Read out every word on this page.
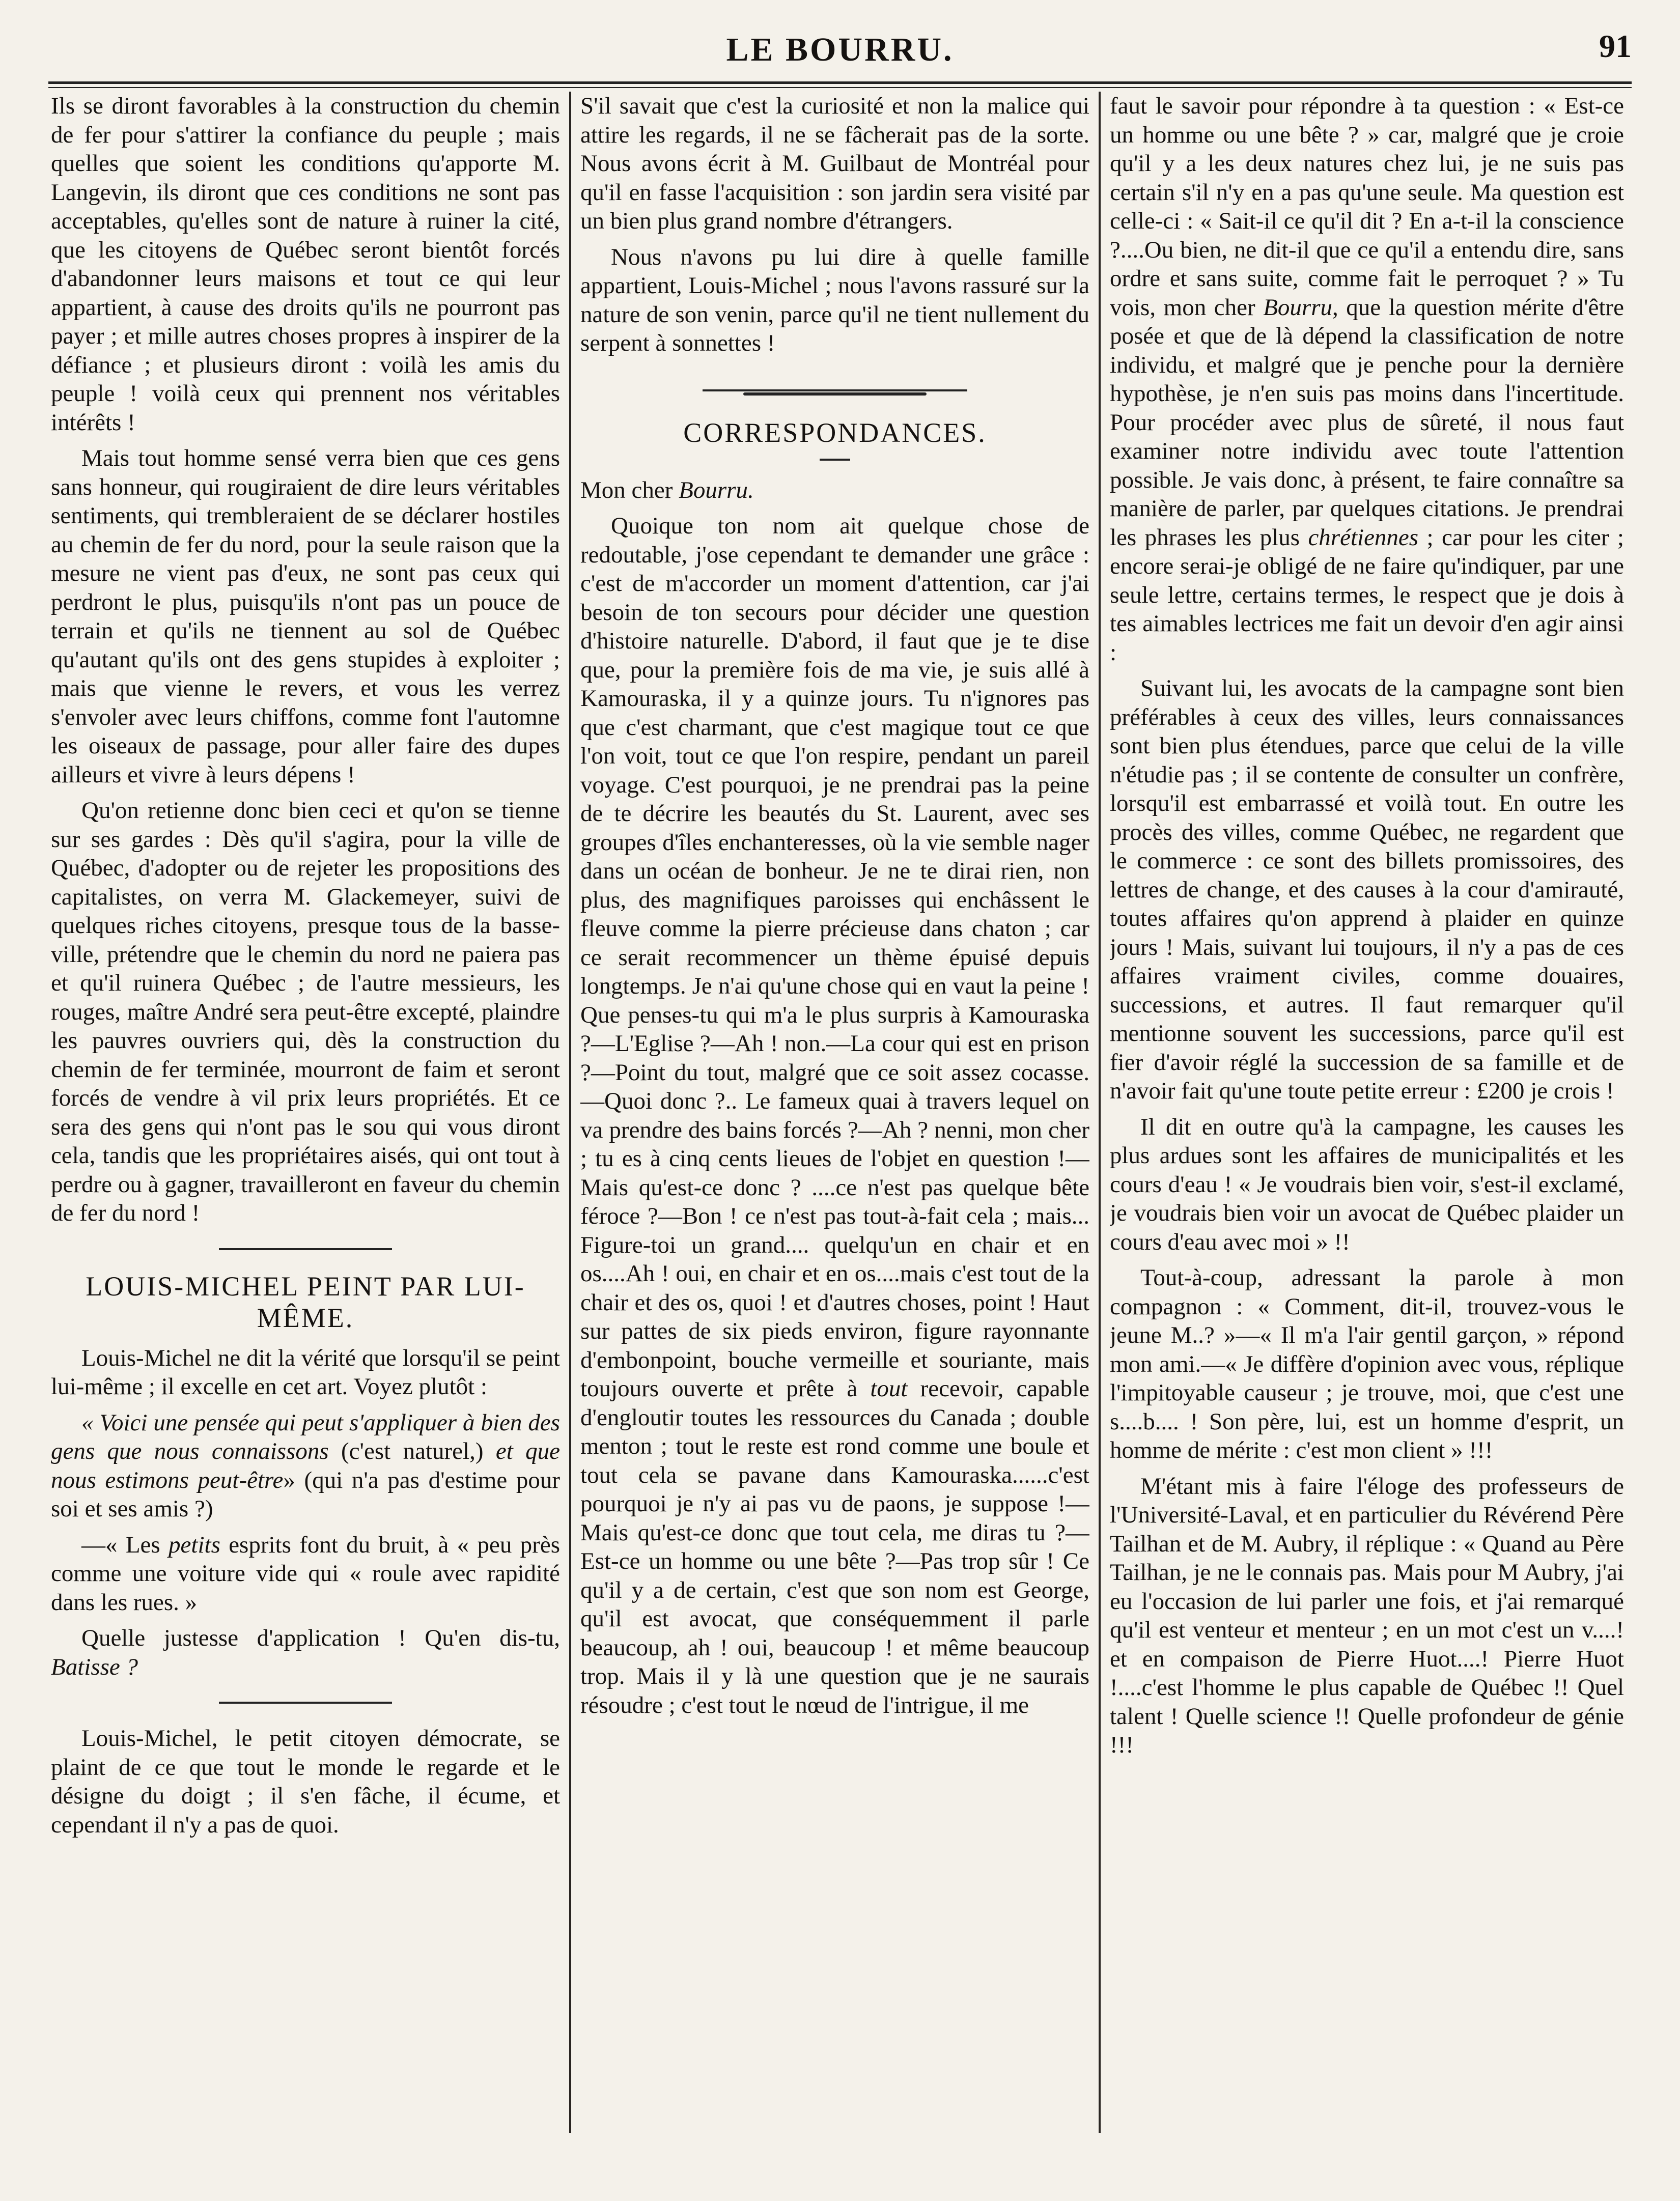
LE BOURRU.	91

Ils se diront favorables à la construction du chemin de fer pour s'attirer la confiance du peuple ; mais quelles que soient les conditions qu'apporte M. Langevin, ils diront que ces conditions ne sont pas acceptables, qu'elles sont de nature à ruiner la cité, que les citoyens de Québec seront bientôt forcés d'abandonner leurs maisons et tout ce qui leur appartient, à cause des droits qu'ils ne pourront pas payer ; et mille autres choses propres à inspirer de la défiance ; et plusieurs diront : voilà les amis du peuple ! voilà ceux qui prennent nos véritables intérêts !

Mais tout homme sensé verra bien que ces gens sans honneur, qui rougiraient de dire leurs véritables sentiments, qui trembleraient de se déclarer hostiles au chemin de fer du nord, pour la seule raison que la mesure ne vient pas d'eux, ne sont pas ceux qui perdront le plus, puisqu'ils n'ont pas un pouce de terrain et qu'ils ne tiennent au sol de Québec qu'autant qu'ils ont des gens stupides à exploiter ; mais que vienne le revers, et vous les verrez s'envoler avec leurs chiffons, comme font l'automne les oiseaux de passage, pour aller faire des dupes ailleurs et vivre à leurs dépens !

Qu'on retienne donc bien ceci et qu'on se tienne sur ses gardes : Dès qu'il s'agira, pour la ville de Québec, d'adopter ou de rejeter les propositions des capitalistes, on verra M. Glackemeyer, suivi de quelques riches citoyens, presque tous de la basse-ville, prétendre que le chemin du nord ne paiera pas et qu'il ruinera Québec ; de l'autre messieurs, les rouges, maître André sera peut-être excepté, plaindre les pauvres ouvriers qui, dès la construction du chemin de fer terminée, mourront de faim et seront forcés de vendre à vil prix leurs propriétés. Et ce sera des gens qui n'ont pas le sou qui vous diront cela, tandis que les propriétaires aisés, qui ont tout à perdre ou à gagner, travailleront en faveur du chemin de fer du nord !

LOUIS-MICHEL PEINT PAR LUI-MÊME.

Louis-Michel ne dit la vérité que lorsqu'il se peint lui-même ; il excelle en cet art. Voyez plutôt :

« Voici une pensée qui peut s'appliquer à bien des gens que nous connaissons (c'est naturel,) et que nous estimons peut-être» (qui n'a pas d'estime pour soi et ses amis ?)

—« Les petits esprits font du bruit, à « peu près comme une voiture vide qui « roule avec rapidité dans les rues. »

Quelle justesse d'application ! Qu'en dis-tu, Batisse ?

Louis-Michel, le petit citoyen démocrate, se plaint de ce que tout le monde le regarde et le désigne du doigt ; il s'en fâche, il écume, et cependant il n'y a pas de quoi.

S'il savait que c'est la curiosité et non la malice qui attire les regards, il ne se fâcherait pas de la sorte. Nous avons écrit à M. Guilbaut de Montréal pour qu'il en fasse l'acquisition : son jardin sera visité par un bien plus grand nombre d'étrangers.

Nous n'avons pu lui dire à quelle famille appartient, Louis-Michel ; nous l'avons rassuré sur la nature de son venin, parce qu'il ne tient nullement du serpent à sonnettes !

CORRESPONDANCES.

Mon cher Bourru.

Quoique ton nom ait quelque chose de redoutable, j'ose cependant te demander une grâce : c'est de m'accorder un moment d'attention, car j'ai besoin de ton secours pour décider une question d'histoire naturelle. D'abord, il faut que je te dise que, pour la première fois de ma vie, je suis allé à Kamouraska, il y a quinze jours. Tu n'ignores pas que c'est charmant, que c'est magique tout ce que l'on voit, tout ce que l'on respire, pendant un pareil voyage. C'est pourquoi, je ne prendrai pas la peine de te décrire les beautés du St. Laurent, avec ses groupes d'îles enchanteresses, où la vie semble nager dans un océan de bonheur. Je ne te dirai rien, non plus, des magnifiques paroisses qui enchâssent le fleuve comme la pierre précieuse dans chaton ; car ce serait recommencer un thème épuisé depuis longtemps. Je n'ai qu'une chose qui en vaut la peine ! Que penses-tu qui m'a le plus surpris à Kamouraska ?—L'Eglise ?—Ah ! non.—La cour qui est en prison ?—Point du tout, malgré que ce soit assez cocasse.—Quoi donc ?.. Le fameux quai à travers lequel on va prendre des bains forcés ?—Ah ? nenni, mon cher ; tu es à cinq cents lieues de l'objet en question !—Mais qu'est-ce donc ? ....ce n'est pas quelque bête féroce ?—Bon ! ce n'est pas tout-à-fait cela ; mais... Figure-toi un grand.... quelqu'un en chair et en os....Ah ! oui, en chair et en os....mais c'est tout de la chair et des os, quoi ! et d'autres choses, point ! Haut sur pattes de six pieds environ, figure rayonnante d'embonpoint, bouche vermeille et souriante, mais toujours ouverte et prête à tout recevoir, capable d'engloutir toutes les ressources du Canada ; double menton ; tout le reste est rond comme une boule et tout cela se pavane dans Kamouraska......c'est pourquoi je n'y ai pas vu de paons, je suppose !—Mais qu'est-ce donc que tout cela, me diras tu ?—Est-ce un homme ou une bête ?—Pas trop sûr ! Ce qu'il y a de certain, c'est que son nom est George, qu'il est avocat, que conséquemment il parle beaucoup, ah ! oui, beaucoup ! et même beaucoup trop. Mais il y là une question que je ne saurais résoudre ; c'est tout le nœud de l'intrigue, il me

faut le savoir pour répondre à ta question : « Est-ce un homme ou une bête ? » car, malgré que je croie qu'il y a les deux natures chez lui, je ne suis pas certain s'il n'y en a pas qu'une seule. Ma question est celle-ci : « Sait-il ce qu'il dit ? En a-t-il la conscience ?....Ou bien, ne dit-il que ce qu'il a entendu dire, sans ordre et sans suite, comme fait le perroquet ? » Tu vois, mon cher Bourru, que la question mérite d'être posée et que de là dépend la classification de notre individu, et malgré que je penche pour la dernière hypothèse, je n'en suis pas moins dans l'incertitude. Pour procéder avec plus de sûreté, il nous faut examiner notre individu avec toute l'attention possible. Je vais donc, à présent, te faire connaître sa manière de parler, par quelques citations. Je prendrai les phrases les plus chrétiennes ; car pour les citer ; encore serai-je obligé de ne faire qu'indiquer, par une seule lettre, certains termes, le respect que je dois à tes aimables lectrices me fait un devoir d'en agir ainsi :

Suivant lui, les avocats de la campagne sont bien préférables à ceux des villes, leurs connaissances sont bien plus étendues, parce que celui de la ville n'étudie pas ; il se contente de consulter un confrère, lorsqu'il est embarrassé et voilà tout. En outre les procès des villes, comme Québec, ne regardent que le commerce : ce sont des billets promissoires, des lettres de change, et des causes à la cour d'amirauté, toutes affaires qu'on apprend à plaider en quinze jours ! Mais, suivant lui toujours, il n'y a pas de ces affaires vraiment civiles, comme douaires, successions, et autres. Il faut remarquer qu'il mentionne souvent les successions, parce qu'il est fier d'avoir réglé la succession de sa famille et de n'avoir fait qu'une toute petite erreur : £200 je crois !

Il dit en outre qu'à la campagne, les causes les plus ardues sont les affaires de municipalités et les cours d'eau ! « Je voudrais bien voir, s'est-il exclamé, je voudrais bien voir un avocat de Québec plaider un cours d'eau avec moi » !!

Tout-à-coup, adressant la parole à mon compagnon : « Comment, dit-il, trouvez-vous le jeune M..? »—« Il m'a l'air gentil garçon, » répond mon ami.—« Je diffère d'opinion avec vous, réplique l'impitoyable causeur ; je trouve, moi, que c'est une s....b.... ! Son père, lui, est un homme d'esprit, un homme de mérite : c'est mon client » !!!

M'étant mis à faire l'éloge des professeurs de l'Université-Laval, et en particulier du Révérend Père Tailhan et de M. Aubry, il réplique : « Quand au Père Tailhan, je ne le connais pas. Mais pour M Aubry, j'ai eu l'occasion de lui parler une fois, et j'ai remarqué qu'il est venteur et menteur ; en un mot c'est un v....! et en compaison de Pierre Huot....! Pierre Huot !....c'est l'homme le plus capable de Québec !! Quel talent ! Quelle science !! Quelle profondeur de génie !!!
